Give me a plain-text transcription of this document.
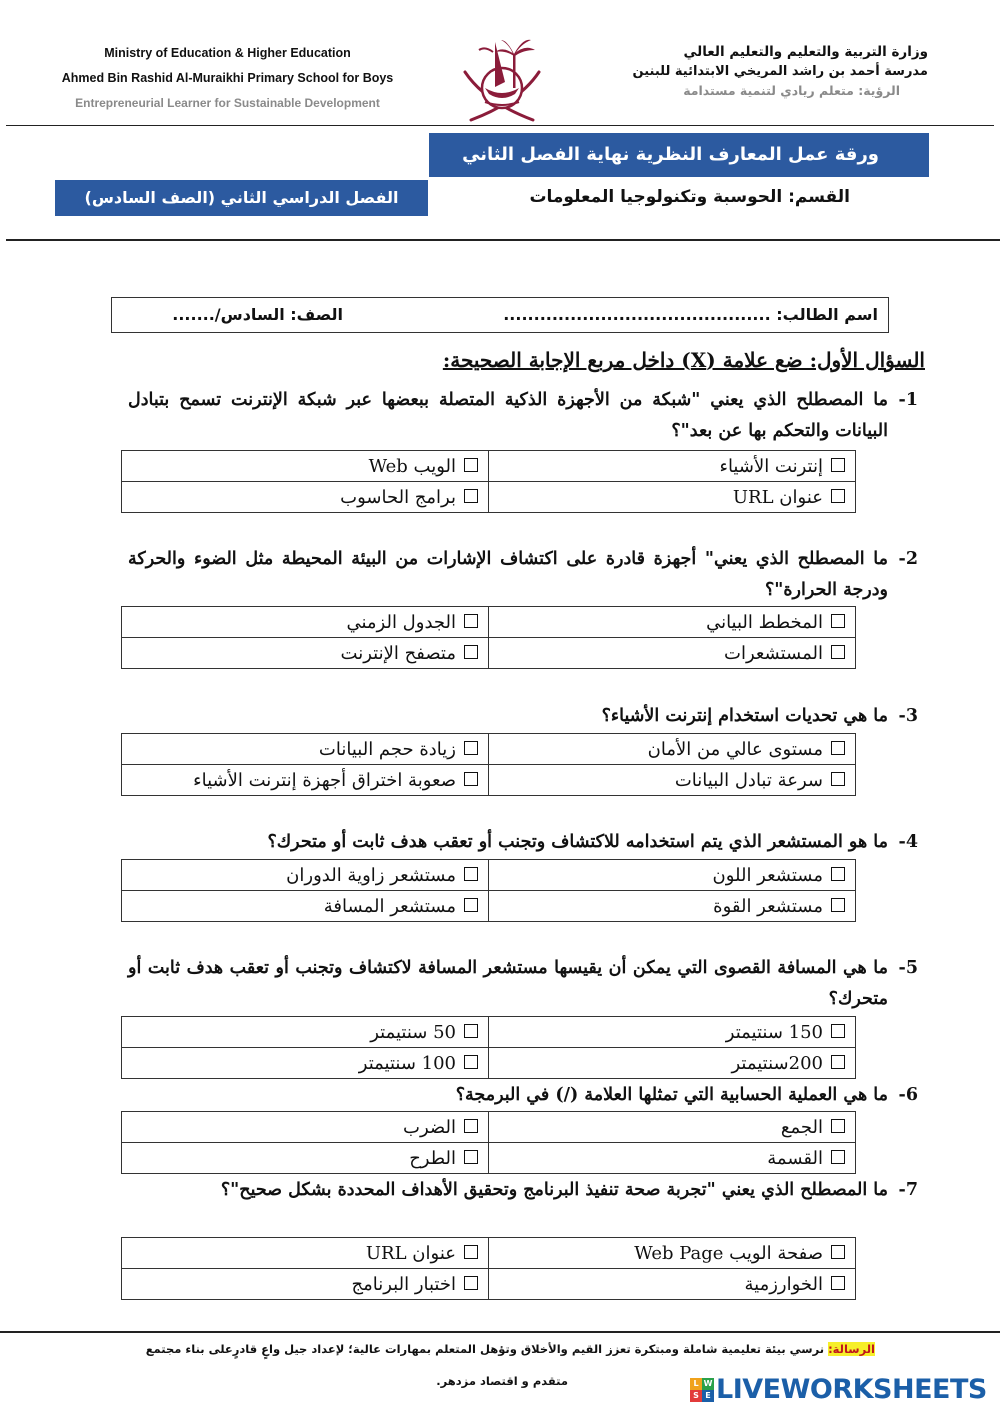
Ministry of Education & Higher Education
Ahmed Bin Rashid Al-Muraikhi Primary School for Boys
Entrepreneurial Learner for Sustainable Development
وزارة التربية والتعليم والتعليم العالي
مدرسة أحمد بن راشد المريخي الابتدائية للبنين
الرؤية: متعلم ريادي لتنمية مستدامة
ورقة عمل المعارف النظرية نهاية الفصل الثاني
الفصل الدراسي الثاني (الصف السادس)	القسم: الحوسبة وتكنولوجيا المعلومات
اسم الطالب: ............................................
الصف: السادس/.......
السؤال الأول: ضع علامة (X) داخل مربع الإجابة الصحيحة:
1-
ما المصطلح الذي يعني "شبكة من الأجهزة الذكية المتصلة ببعضها عبر شبكة الإنترنت تسمح بتبادل البيانات والتحكم بها عن بعد"؟
إنترنت الأشياء	الويب Web
عنوان URL	برامج الحاسوب
2-
ما المصطلح الذي يعني" أجهزة قادرة على اكتشاف الإشارات من البيئة المحيطة مثل الضوء والحركة ودرجة الحرارة"؟
المخطط البياني	الجدول الزمني
المستشعرات	متصفح الإنترنت
3-
ما هي تحديات استخدام إنترنت الأشياء؟
مستوى عالي من الأمان	زيادة حجم البيانات
سرعة تبادل البيانات	صعوبة اختراق أجهزة إنترنت الأشياء
4-
ما هو المستشعر الذي يتم استخدامه للاكتشاف وتجنب أو تعقب هدف ثابت أو متحرك؟
مستشعر اللون	مستشعر زاوية الدوران
مستشعر القوة	مستشعر المسافة
5-
ما هي المسافة القصوى التي يمكن أن يقيسها مستشعر المسافة لاكتشاف وتجنب أو تعقب هدف ثابت أو متحرك؟
150 سنتيمتر	50 سنتيمتر
200سنتيمتر	100 سنتيمتر
6-
ما هي العملية الحسابية التي تمثلها العلامة (/) في البرمجة؟
الجمع	الضرب
القسمة	الطرح
7-
ما المصطلح الذي يعني "تجربة صحة تنفيذ البرنامج وتحقيق الأهداف المحددة بشكل صحيح"؟
صفحة الويب Web Page	عنوان URL
الخوارزمية	اختبار البرنامج
الرسالة: نرسي بيئة تعليمية شاملة ومبتكرة تعزز القيم والأخلاق وتؤهل المتعلم بمهارات عالية؛ لإعداد جيل واعٍ قادرٍعلى بناء مجتمع
متقدم و اقتصاد مزدهر.	L W
S E LIVEWORKSHEETS
